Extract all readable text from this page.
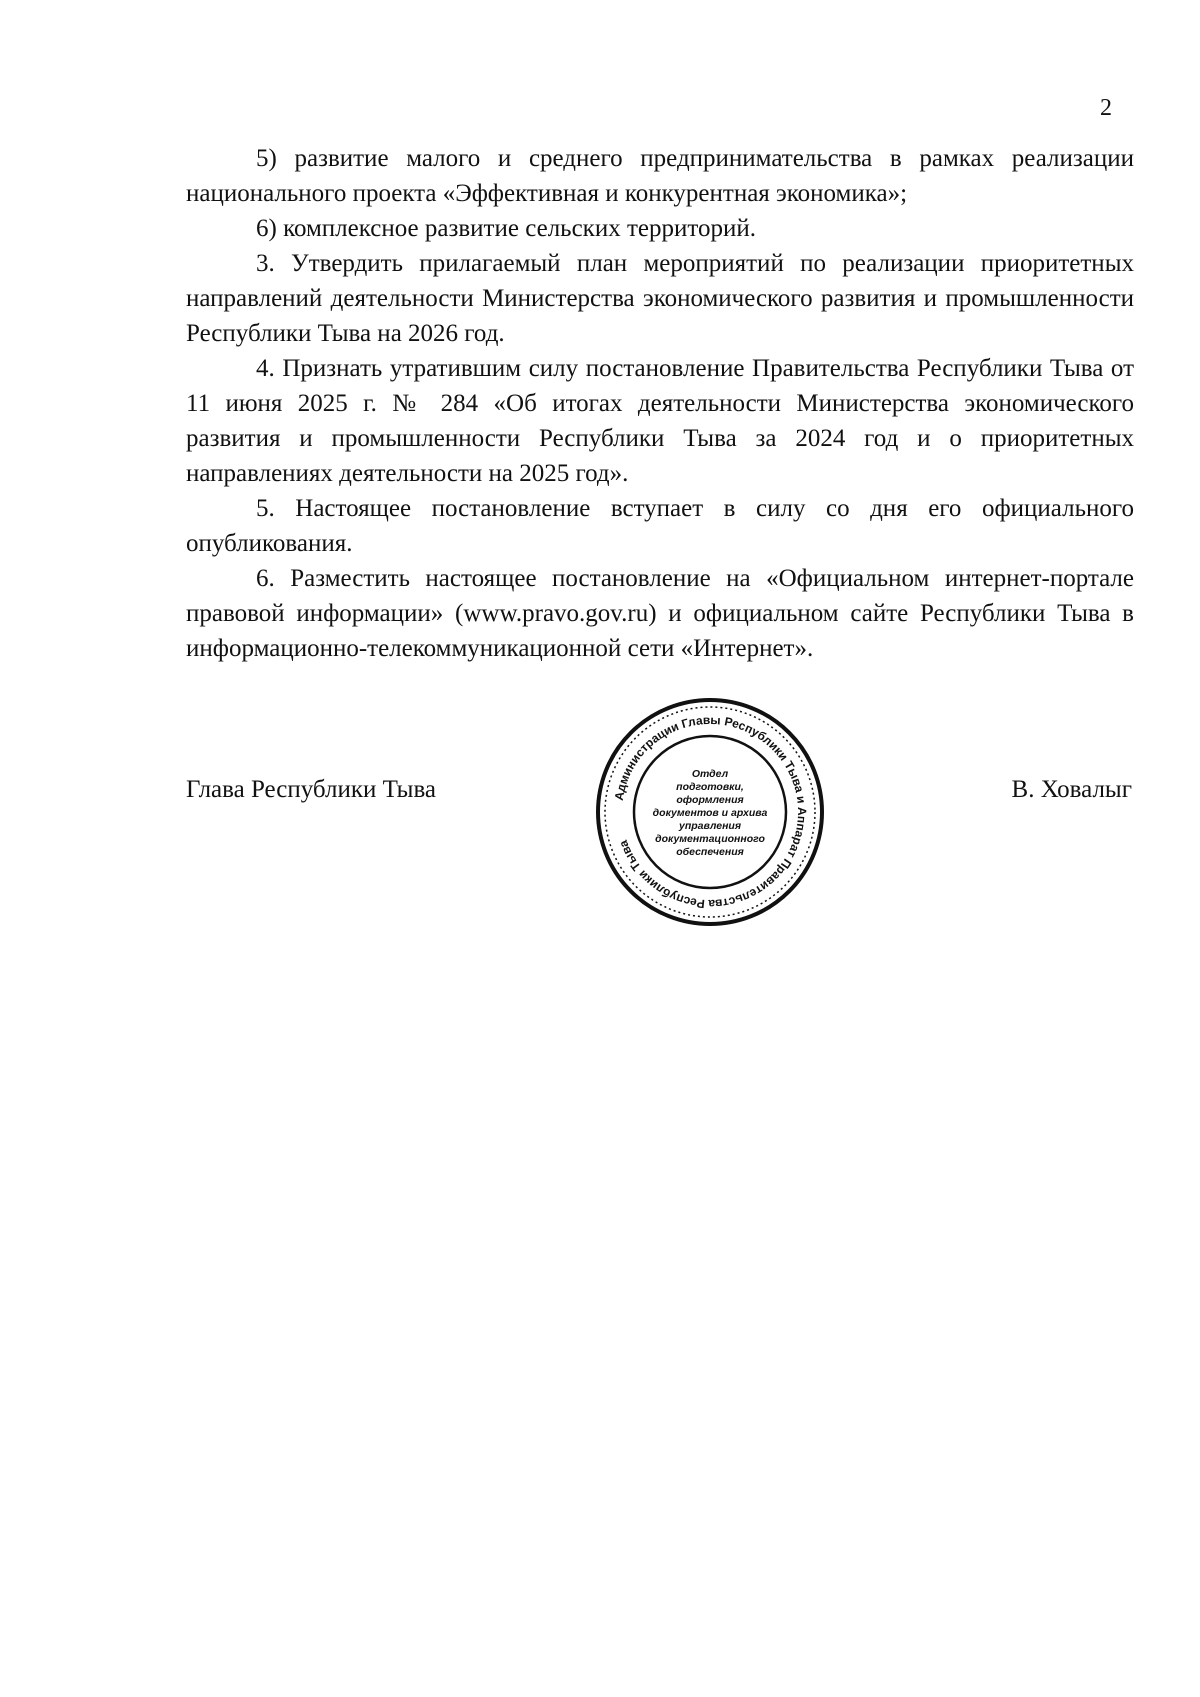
2

5) развитие малого и среднего предпринимательства в рамках реализации национального проекта «Эффективная и конкурентная экономика»;

6) комплексное развитие сельских территорий.

3. Утвердить прилагаемый план мероприятий по реализации приоритетных направлений деятельности Министерства экономического развития и промышленности Республики Тыва на 2026 год.

4. Признать утратившим силу постановление Правительства Республики Тыва от 11 июня 2025 г. № 284 «Об итогах деятельности Министерства экономического развития и промышленности Республики Тыва за 2024 год и о приоритетных направлениях деятельности на 2025 год».

5. Настоящее постановление вступает в силу со дня его официального опубликования.

6. Разместить настоящее постановление на «Официальном интернет-портале правовой информации» (www.pravo.gov.ru) и официальном сайте Республики Тыва в информационно-телекоммуникационной сети «Интернет».

Глава Республики Тыва	В. Ховалыг
Администрации Главы Республики Тыва и Аппарат Правительства Республики Тыва
Отдел
подготовки,
оформления
документов и архива
управления
документационного
обеспечения
